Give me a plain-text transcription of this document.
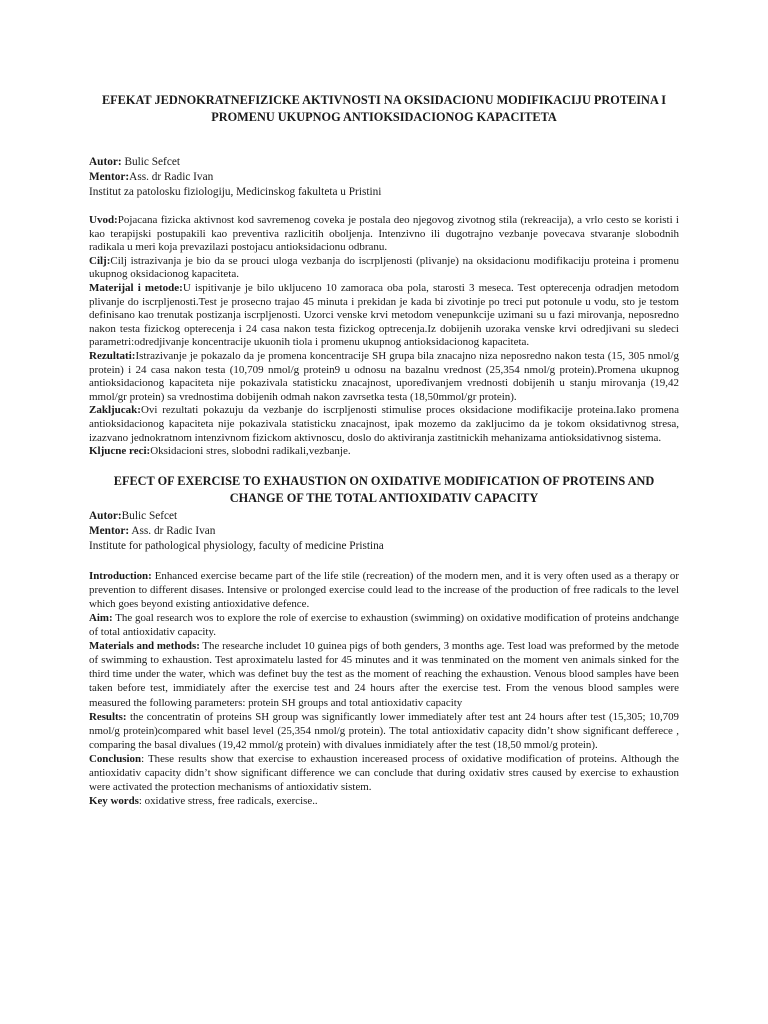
EFEKAT JEDNOKRATNEFIZICKE AKTIVNOSTI NA OKSIDACIONU MODIFIKACIJU PROTEINA I
PROMENU UKUPNOG ANTIOKSIDACIONOG KAPACITETA
Autor: Bulic Sefcet
Mentor:Ass. dr Radic Ivan
Institut za patolosku fiziologiju, Medicinskog fakulteta u Pristini

Uvod:Pojacana fizicka aktivnost kod savremenog coveka je postala deo njegovog zivotnog stila (rekreacija), a vrlo cesto se koristi i kao terapijski postupakili kao preventiva razlicitih oboljenja. Intenzivno ili dugotrajno vezbanje povecava stvaranje slobodnih radikala u meri koja prevazilazi postojacu antioksidacionu odbranu.

Cilj:Cilj istrazivanja je bio da se prouci uloga vezbanja do iscrpljenosti (plivanje) na oksidacionu modifikaciju proteina i promenu ukupnog oksidacionog kapaciteta.

Materijal i metode:U ispitivanje je bilo ukljuceno 10 zamoraca oba pola, starosti 3 meseca. Test opterecenja odradjen metodom plivanje do iscrpljenosti.Test je prosecno trajao 45 minuta i prekidan je kada bi zivotinje po treci put potonule u vodu, sto je testom definisano kao trenutak postizanja iscrpljenosti. Uzorci venske krvi metodom venepunkcije uzimani su u fazi mirovanja, neposredno nakon testa fizickog opterecenja i 24 casa nakon testa fizickog optrecenja.Iz dobijenih uzoraka venske krvi odredjivani su sledeci parametri:odredjivanje koncentracije ukuonih tiola i promenu ukupnog antioksidacionog kapaciteta.

Rezultati:Istrazivanje je pokazalo da je promena koncentracije SH grupa bila znacajno niza neposredno nakon testa (15, 305 nmol/g protein) i 24 casa nakon testa (10,709 nmol/g protein9 u odnosu na bazalnu vrednost (25,354 nmol/g protein).Promena ukupnog antioksidacionog kapaciteta nije pokazivala statisticku znacajnost, upoređivanjem vrednosti dobijenih u stanju mirovanja (19,42 mmol/gr protein) sa vrednostima dobijenih odmah nakon zavrsetka testa (18,50mmol/gr protein).

Zakljucak:Ovi rezultati pokazuju da vezbanje do iscrpljenosti stimulise proces oksidacione modifikacije proteina.Iako promena antioksidacionog kapaciteta nije pokazivala statisticku znacajnost, ipak mozemo da zakljucimo da je tokom oksidativnog stresa, izazvano jednokratnom intenzivnom fizickom aktivnoscu, doslo do aktiviranja zastitnickih mehanizama antioksidativnog sistema.

Kljucne reci:Oksidacioni stres, slobodni radikali,vezbanje.

EFECT OF EXERCISE TO EXHAUSTION ON OXIDATIVE MODIFICATION OF PROTEINS AND
CHANGE OF THE TOTAL ANTIOXIDATIV CAPACITY
Autor:Bulic Sefcet
Mentor: Ass. dr Radic Ivan
Institute for pathological physiology, faculty of medicine Pristina

Introduction: Enhanced exercise became part of the life stile (recreation) of the modern men, and it is very often used as a therapy or prevention to different disases. Intensive or prolonged exercise could lead to the increase of the production of free radicals to the level which goes beyond existing antioxidative defence.

Aim: The goal research wos to explore the role of exercise to exhaustion (swimming) on oxidative modification of proteins andchange of total antioxidativ capacity.

Materials and methods: The researche includet 10 guinea pigs of both genders, 3 months age. Test load was preformed by the metode of swimming to exhaustion. Test aproximatelu lasted for 45 minutes and it was tenminated on the moment ven animals sinked for the third time under the water, which was definet buy the test as the moment of reaching the exhaustion. Venous blood samples have been taken before test, immidiately after the exercise test and 24 hours after the exercise test. From the venous blood samples were measured the following parameters: protein SH groups and total antioxidativ capacity

Results: the concentratin of proteins SH group was significantly lower immediately after test ant 24 hours after test (15,305; 10,709 nmol/g protein)compared whit basel level (25,354 nmol/g protein). The total antioxidativ capacity didn’t show significant defferece , comparing the basal divalues (19,42 mmol/g protein) with divalues inmidiately after the test (18,50 mmol/g protein).

Conclusion: These results show that exercise to exhaustion incereased process of oxidative modification of proteins. Although the antioxidativ capacity didn’t show significant difference we can conclude that during oxidativ stres caused by exercise to exhaustion were activated the protection mechanisms of antioxidativ sistem.

Key words: oxidative stress, free radicals, exercise..
